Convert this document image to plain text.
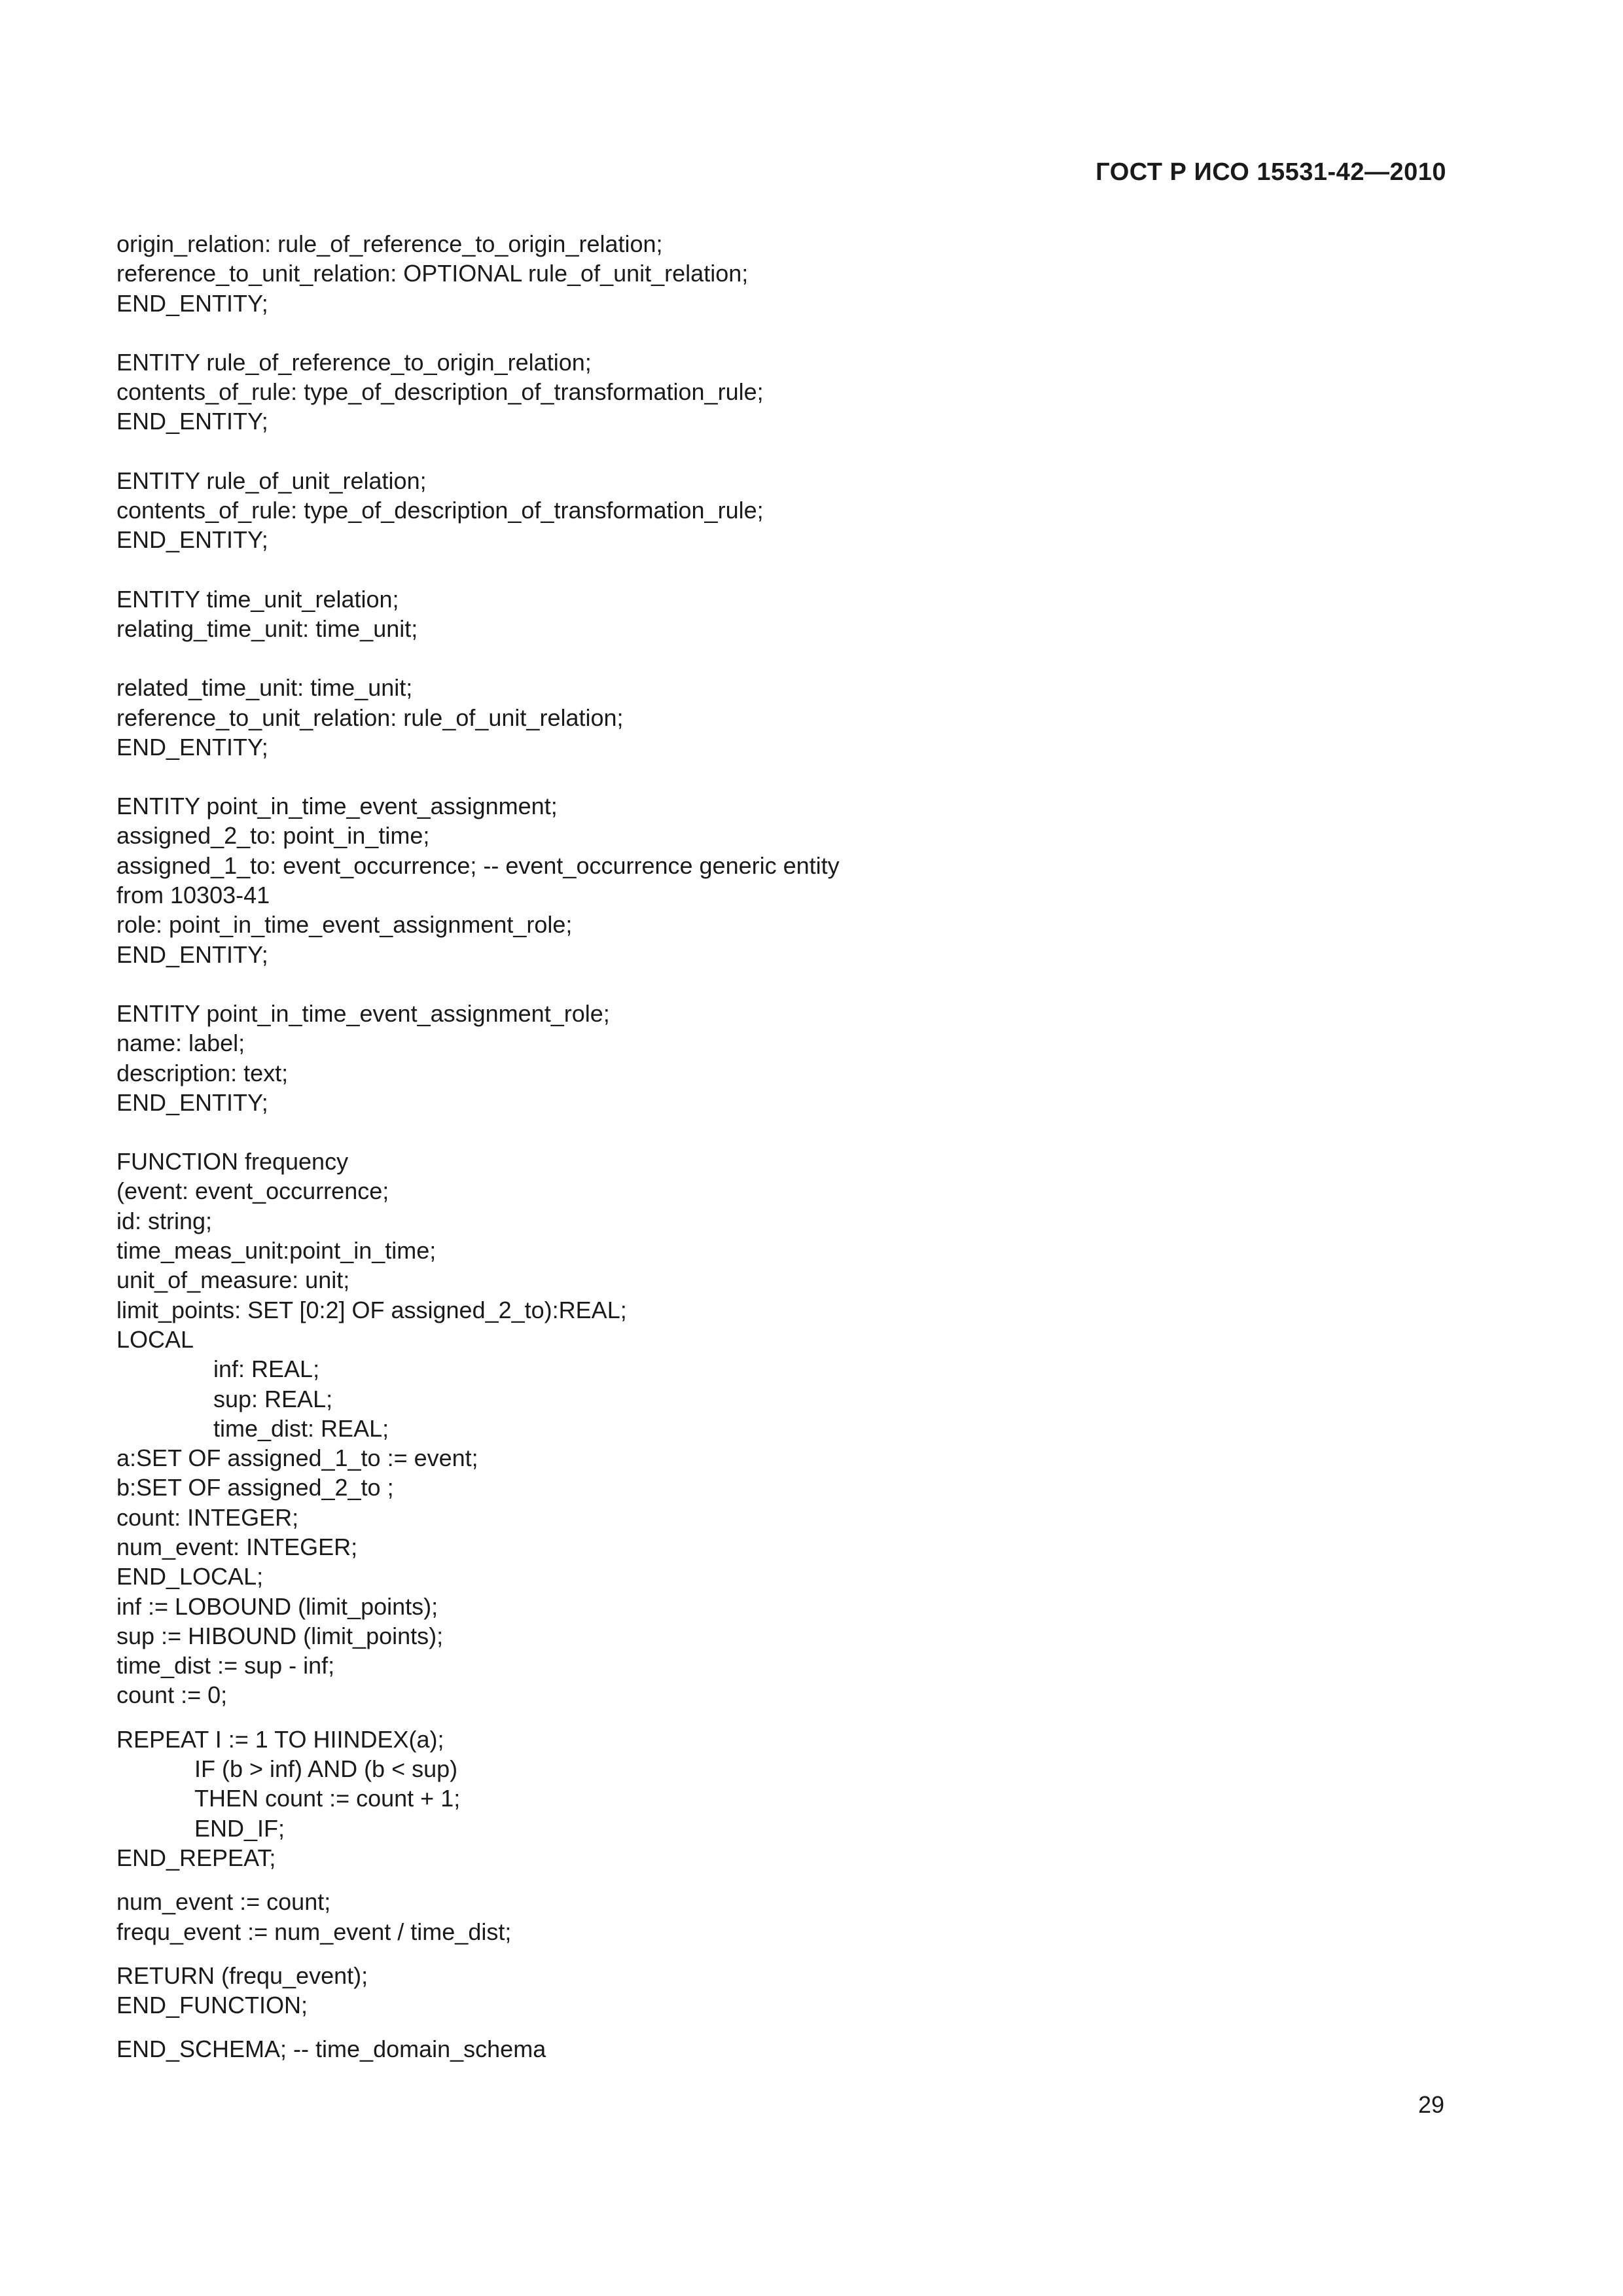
ГОСТ Р ИСО 15531-42—2010
origin_relation: rule_of_reference_to_origin_relation;
reference_to_unit_relation: OPTIONAL rule_of_unit_relation;
END_ENTITY;
ENTITY rule_of_reference_to_origin_relation;
contents_of_rule: type_of_description_of_transformation_rule;
END_ENTITY;
ENTITY rule_of_unit_relation;
contents_of_rule: type_of_description_of_transformation_rule;
END_ENTITY;
ENTITY time_unit_relation;
relating_time_unit: time_unit;
related_time_unit: time_unit;
reference_to_unit_relation: rule_of_unit_relation;
END_ENTITY;
ENTITY point_in_time_event_assignment;
assigned_2_to: point_in_time;
assigned_1_to: event_occurrence; -- event_occurrence generic entity
from 10303-41
role: point_in_time_event_assignment_role;
END_ENTITY;
ENTITY point_in_time_event_assignment_role;
name: label;
description: text;
END_ENTITY;
FUNCTION frequency
(event: event_occurrence;
id: string;
time_meas_unit:point_in_time;
unit_of_measure: unit;
limit_points: SET [0:2] OF assigned_2_to):REAL;
LOCAL
inf: REAL;
sup: REAL;
time_dist: REAL;
a:SET OF assigned_1_to := event;
b:SET OF assigned_2_to ;
count: INTEGER;
num_event: INTEGER;
END_LOCAL;
inf := LOBOUND (limit_points);
sup := HIBOUND (limit_points);
time_dist := sup - inf;
count := 0;
REPEAT I := 1 TO HIINDEX(a);
IF (b > inf) AND (b < sup)
THEN count := count + 1;
END_IF;
END_REPEAT;
num_event := count;
frequ_event := num_event / time_dist;
RETURN (frequ_event);
END_FUNCTION;
END_SCHEMA; -- time_domain_schema
29
